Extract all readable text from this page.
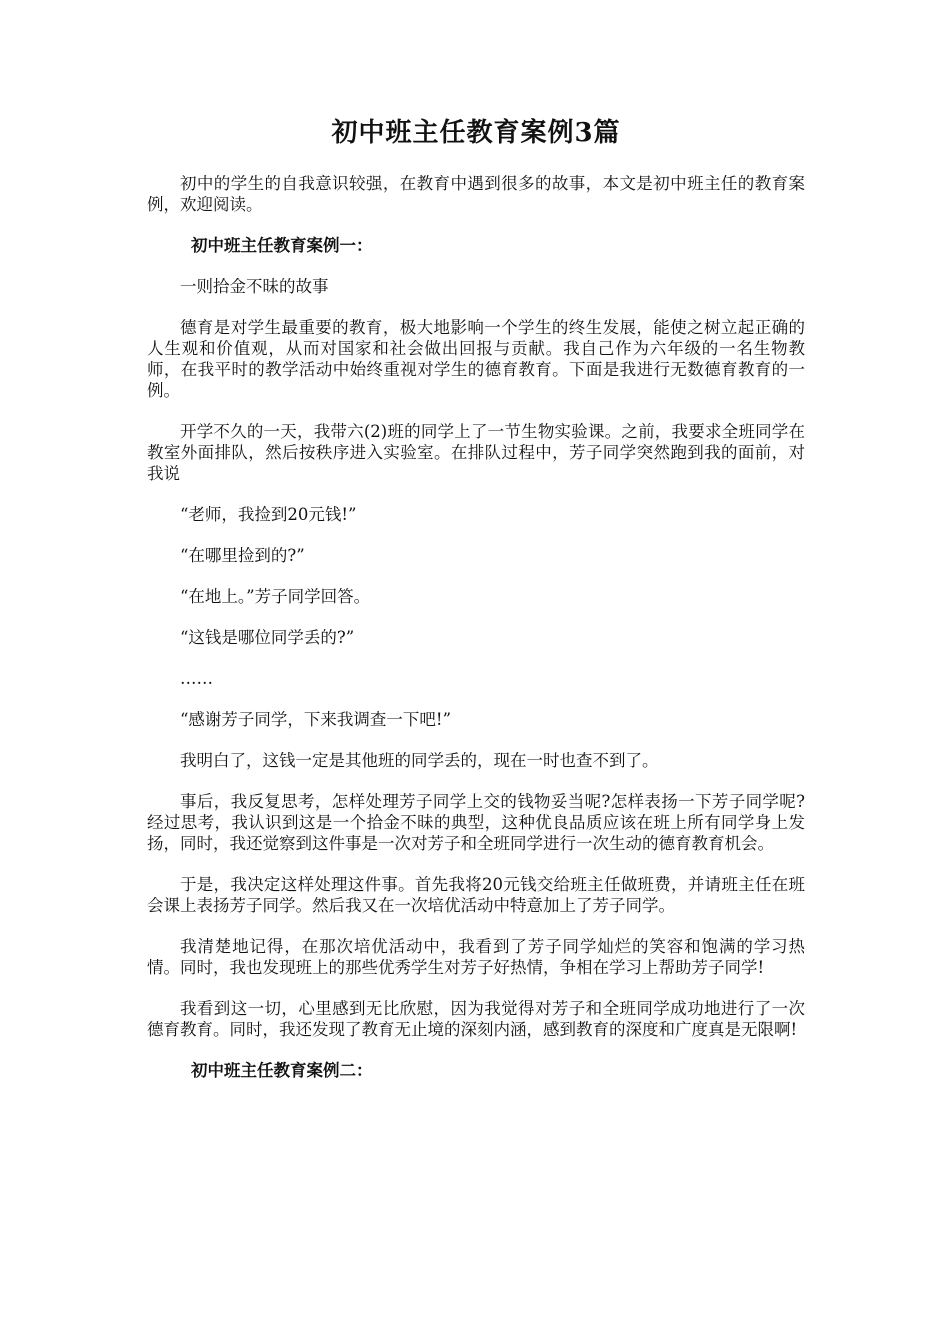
初中班主任教育案例3篇

初中的学生的自我意识较强，在教育中遇到很多的故事，本文是初中班主任的教育案例，欢迎阅读。

初中班主任教育案例一：

一则拾金不昧的故事

德育是对学生最重要的教育，极大地影响一个学生的终生发展，能使之树立起正确的人生观和价值观，从而对国家和社会做出回报与贡献。我自己作为六年级的一名生物教师，在我平时的教学活动中始终重视对学生的德育教育。下面是我进行无数德育教育的一例。

开学不久的一天，我带六(2)班的同学上了一节生物实验课。之前，我要求全班同学在教室外面排队，然后按秩序进入实验室。在排队过程中，芳子同学突然跑到我的面前，对我说

“老师，我捡到20元钱!”

“在哪里捡到的?”

“在地上。”芳子同学回答。

“这钱是哪位同学丢的?”

……

“感谢芳子同学，下来我调查一下吧!”

我明白了，这钱一定是其他班的同学丢的，现在一时也查不到了。

事后，我反复思考，怎样处理芳子同学上交的钱物妥当呢?怎样表扬一下芳子同学呢?经过思考，我认识到这是一个拾金不昧的典型，这种优良品质应该在班上所有同学身上发扬，同时，我还觉察到这件事是一次对芳子和全班同学进行一次生动的德育教育机会。

于是，我决定这样处理这件事。首先我将20元钱交给班主任做班费，并请班主任在班会课上表扬芳子同学。然后我又在一次培优活动中特意加上了芳子同学。

我清楚地记得，在那次培优活动中，我看到了芳子同学灿烂的笑容和饱满的学习热情。同时，我也发现班上的那些优秀学生对芳子好热情，争相在学习上帮助芳子同学!

我看到这一切，心里感到无比欣慰，因为我觉得对芳子和全班同学成功地进行了一次德育教育。同时，我还发现了教育无止境的深刻内涵，感到教育的深度和广度真是无限啊!

初中班主任教育案例二：
